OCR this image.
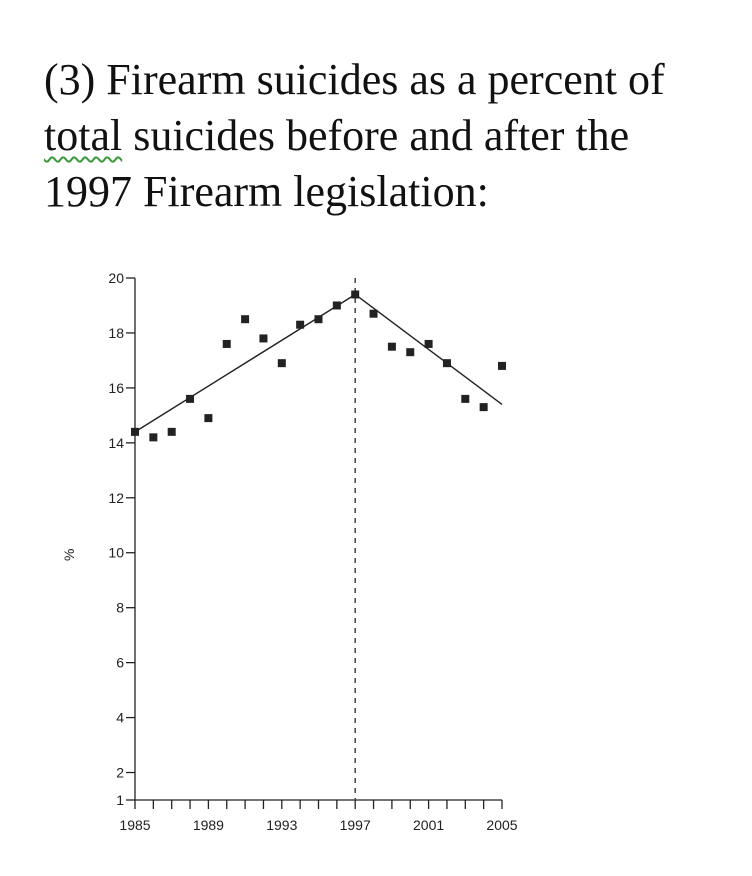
(3) Firearm suicides as a percent of
total suicides before and after the
1997 Firearm legislation:
1
2
4
6
8
10
12
14
16
18
20
1985	1989	1993	1997	2001	2005
%
